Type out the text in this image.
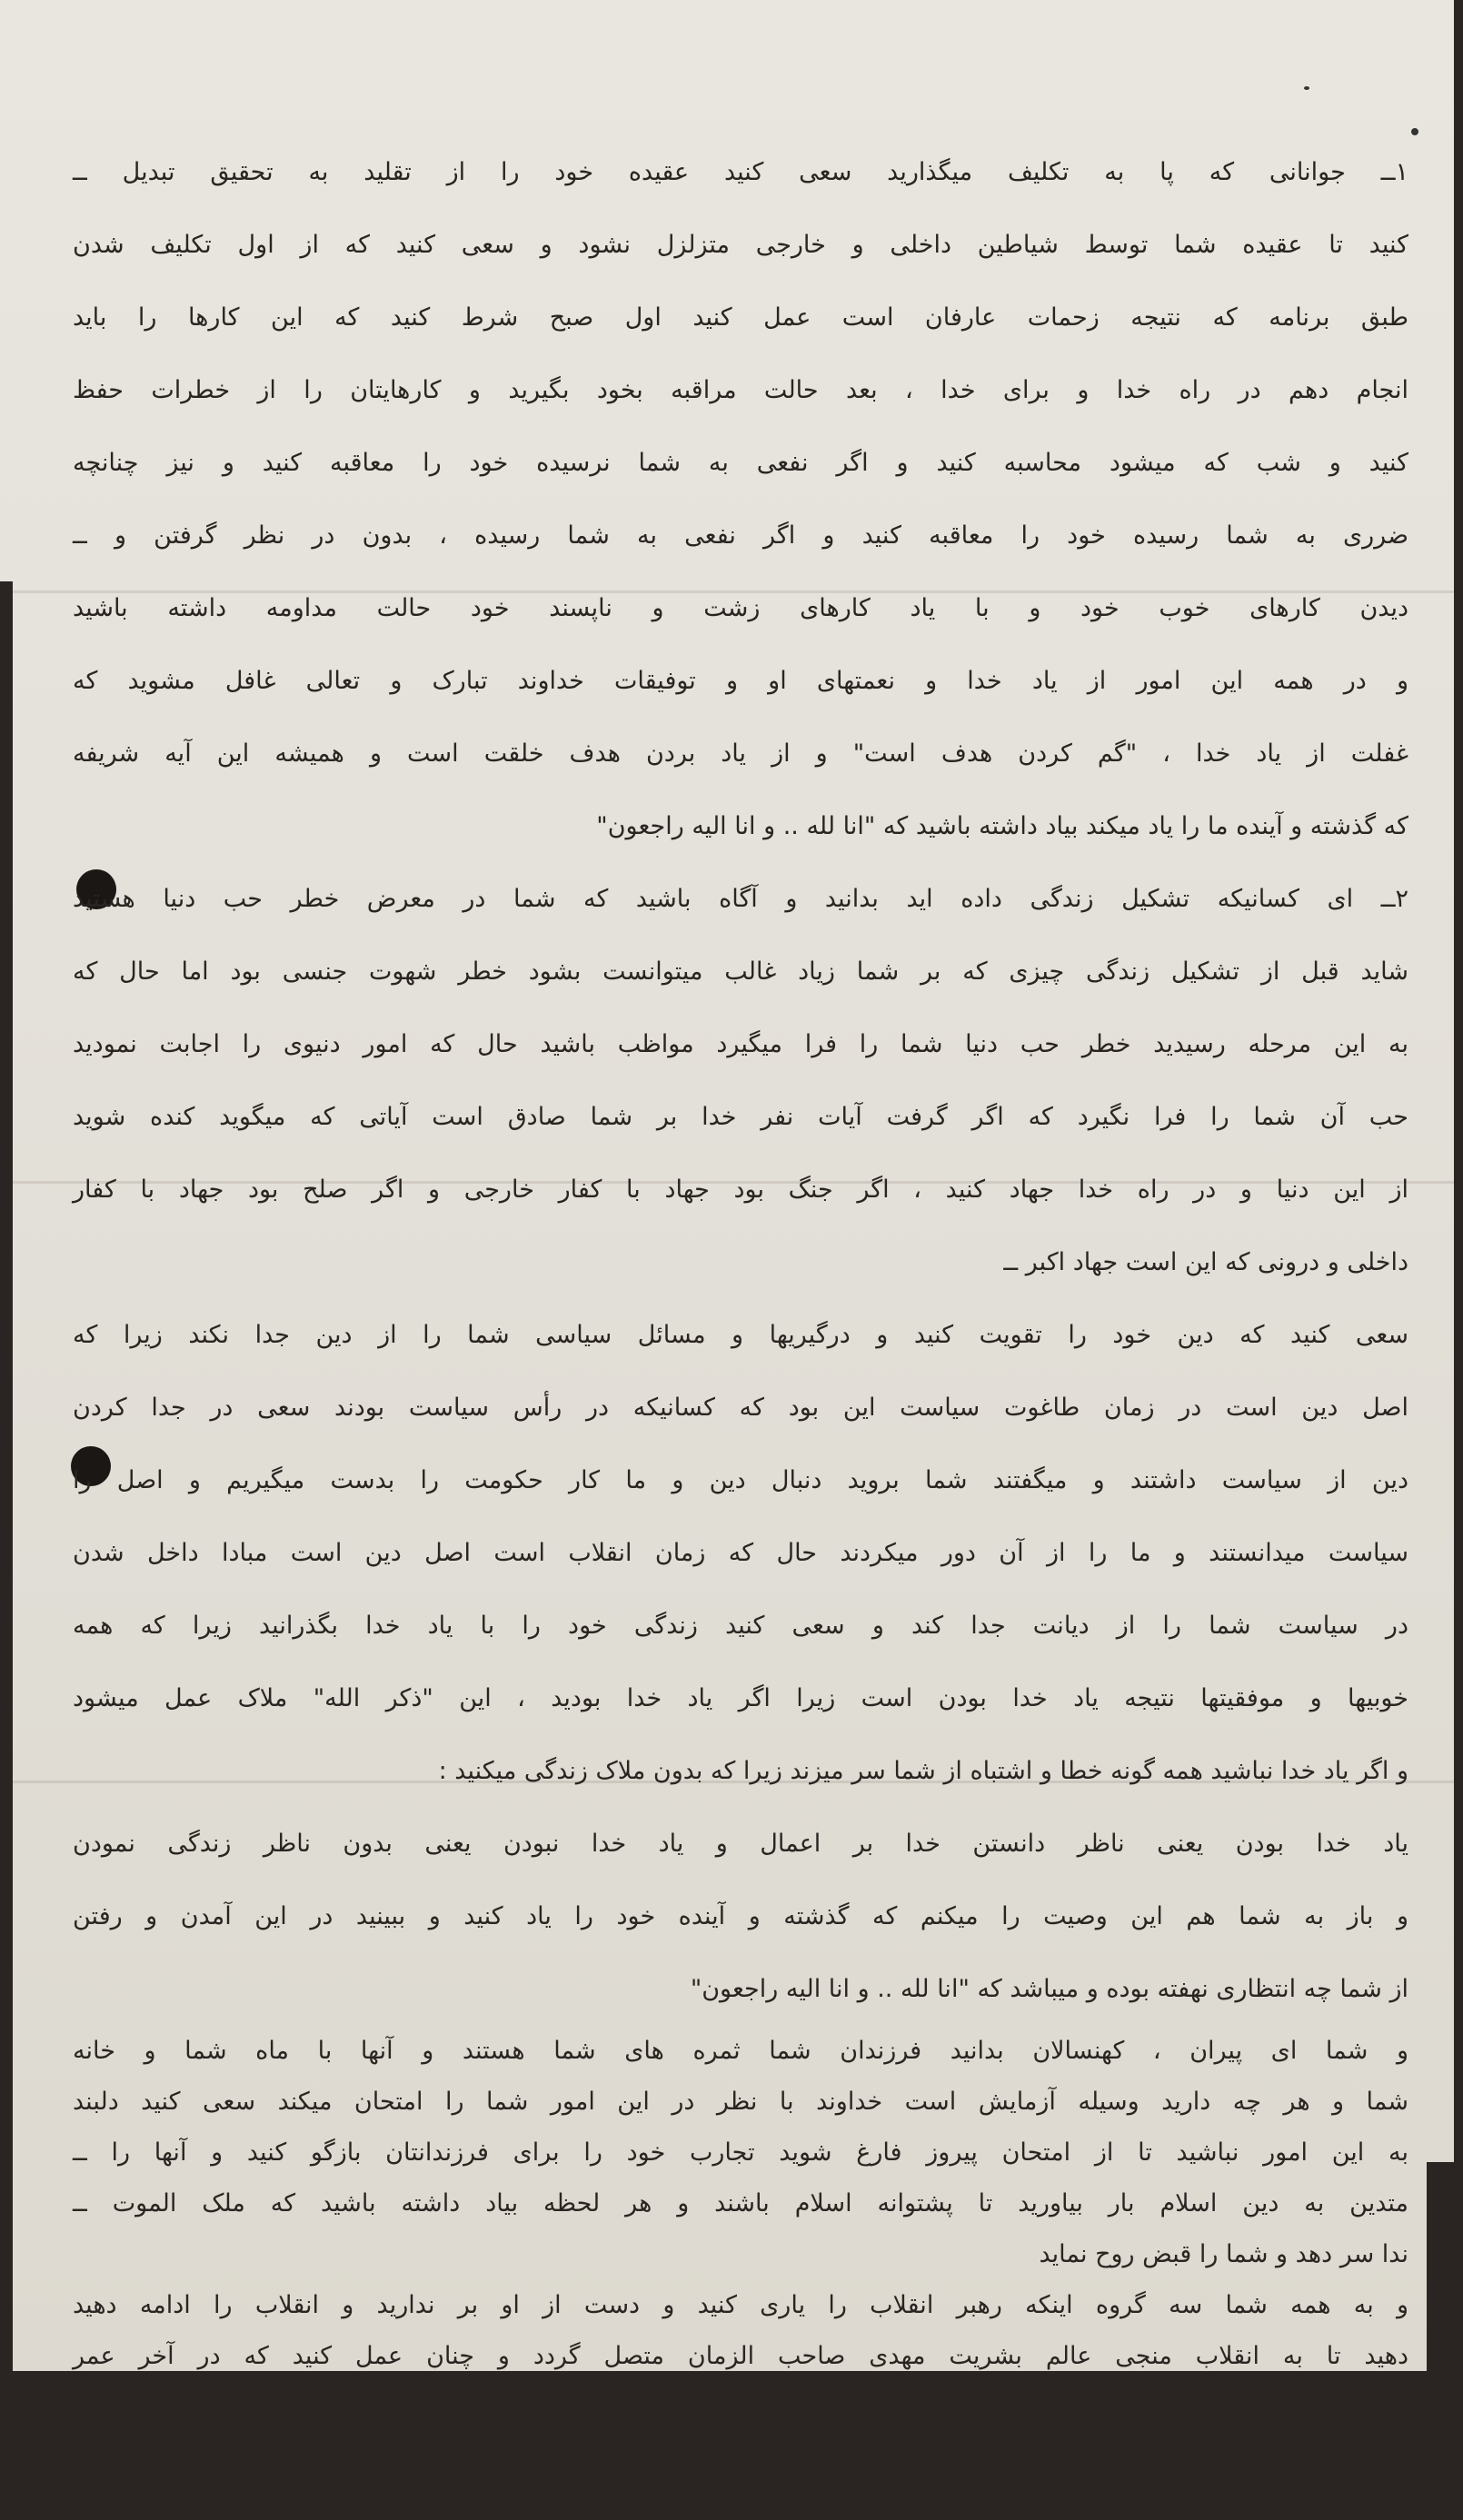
۱ــ جوانانی که پا به تکلیف میگذارید سعی کنید عقیده خود را از تقلید به تحقیق تبدیل ــ
کنید تا عقیده شما توسط شیاطین داخلی و خارجی متزلزل نشود و سعی کنید که از اول تکلیف شدن
طبق برنامه که نتیجه زحمات عارفان است عمل کنید اول صبح شرط کنید که این کارها را باید
انجام دهم در راه خدا و برای خدا ، بعد حالت مراقبه بخود بگیرید و کارهایتان را از خطرات حفظ
کنید و شب که میشود محاسبه کنید و اگر نفعی به شما نرسیده خود را معاقبه کنید و نیز چنانچه
ضرری به شما رسیده خود را معاقبه کنید و اگر نفعی به شما رسیده ، بدون در نظر گرفتن و ــ
دیدن کارهای خوب خود و با یاد کارهای زشت و ناپسند خود حالت مداومه داشته باشید
و در همه این امور از یاد خدا و نعمتهای او و توفیقات خداوند تبارک و تعالی غافل مشوید که
غفلت از یاد خدا ، "گم کردن هدف است" و از یاد بردن هدف خلقت است و همیشه این آیه شریفه
که گذشته و آینده ما را یاد میکند بیاد داشته باشید که "انا لله .. و انا الیه راجعون"
۲ــ ای کسانیکه تشکیل زندگی داده اید بدانید و آگاه باشید که شما در معرض خطر حب دنیا هستید
شاید قبل از تشکیل زندگی چیزی که بر شما زیاد غالب میتوانست بشود خطر شهوت جنسی بود اما حال که
به این مرحله رسیدید خطر حب دنیا شما را فرا میگیرد مواظب باشید حال که امور دنیوی را اجابت نمودید
حب آن شما را فرا نگیرد که اگر گرفت آیات نفر خدا بر شما صادق است آیاتی که میگوید کنده شوید
از این دنیا و در راه خدا جهاد کنید ، اگر جنگ بود جهاد با کفار خارجی و اگر صلح بود جهاد با کفار
داخلی و درونی که این است جهاد اکبر ــ
سعی کنید که دین خود را تقویت کنید و درگیریها و مسائل سیاسی شما را از دین جدا نکند زیرا که
اصل دین است در زمان طاغوت سیاست این بود که کسانیکه در رأس سیاست بودند سعی در جدا کردن
دین از سیاست داشتند و میگفتند شما بروید دنبال دین و ما کار حکومت را بدست میگیریم و اصل را
سیاست میدانستند و ما را از آن دور میکردند حال که زمان انقلاب است اصل دین است مبادا داخل شدن
در سیاست شما را از دیانت جدا کند و سعی کنید زندگی خود را با یاد خدا بگذرانید زیرا که همه
خوبیها و موفقیتها نتیجه یاد خدا بودن است زیرا اگر یاد خدا بودید ، این "ذکر الله" ملاک عمل میشود
و اگر یاد خدا نباشید همه گونه خطا و اشتباه از شما سر میزند زیرا که بدون ملاک زندگی میکنید :
یاد خدا بودن یعنی ناظر دانستن خدا بر اعمال و یاد خدا نبودن یعنی بدون ناظر زندگی نمودن
و باز به شما هم این وصیت را میکنم که گذشته و آینده خود را یاد کنید و ببینید در این آمدن و رفتن
از شما چه انتظاری نهفته بوده و میباشد که "انا لله .. و انا الیه راجعون"
و شما ای پیران ، کهنسالان بدانید فرزندان شما ثمره های شما هستند و آنها با ماه شما و خانه
شما و هر چه دارید وسیله آزمایش است خداوند با نظر در این امور شما را امتحان میکند سعی کنید دلبند
به این امور نباشید تا از امتحان پیروز فارغ شوید تجارب خود را برای فرزندانتان بازگو کنید و آنها را ــ
متدین به دین اسلام بار بیاورید تا پشتوانه اسلام باشند و هر لحظه بیاد داشته باشید که ملک الموت ــ
ندا سر دهد و شما را قبض روح نماید
و به همه شما سه گروه اینکه رهبر انقلاب را یاری کنید و دست از او بر ندارید و انقلاب را ادامه دهید
دهید تا به انقلاب منجی عالم بشریت مهدی صاحب الزمان متصل گردد و چنان عمل کنید که در آخر عمر
مصداق این آیه شریفه باشید ارجعی الی ربک راضیه مرضیه فادخلی فی عبادی وادخلی جنتی
و همه بدانند که "انا لله .. و انا الیه راجعون" والسلام عبد ذلیل جمال اصفهانیان غفرالله ذنوبه
۶۲/۶/۱۵
